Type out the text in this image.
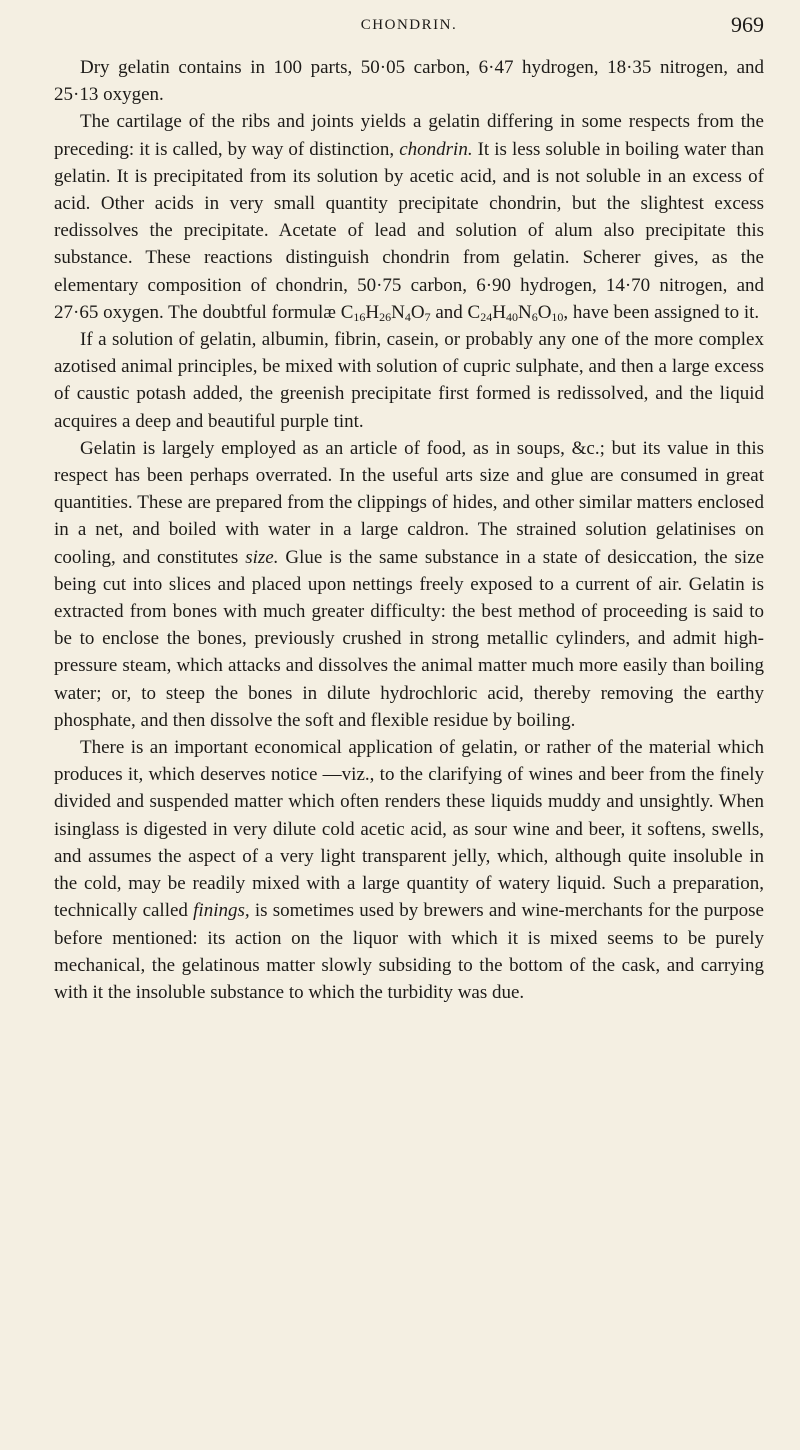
CHONDRIN.	969

Dry gelatin contains in 100 parts, 50·05 carbon, 6·47 hydrogen, 18·35 nitrogen, and 25·13 oxygen.

The cartilage of the ribs and joints yields a gelatin differing in some respects from the preceding: it is called, by way of distinction, chondrin. It is less soluble in boiling water than gelatin. It is precipitated from its solution by acetic acid, and is not soluble in an excess of acid. Other acids in very small quantity precipitate chondrin, but the slightest excess redissolves the precipitate. Acetate of lead and solution of alum also precipitate this substance. These reactions distinguish chondrin from gelatin. Scherer gives, as the elementary composition of chondrin, 50·75 carbon, 6·90 hydrogen, 14·70 nitrogen, and 27·65 oxygen. The doubtful formulæ $C_{16}H_{26}N_4O_7$ and $C_{24}H_{40}N_6O_{10}$, have been assigned to it.

If a solution of gelatin, albumin, fibrin, casein, or probably any one of the more complex azotised animal principles, be mixed with solution of cupric sulphate, and then a large excess of caustic potash added, the greenish precipitate first formed is redissolved, and the liquid acquires a deep and beautiful purple tint.

Gelatin is largely employed as an article of food, as in soups, &c.; but its value in this respect has been perhaps overrated. In the useful arts size and glue are consumed in great quantities. These are prepared from the clippings of hides, and other similar matters enclosed in a net, and boiled with water in a large caldron. The strained solution gelatinises on cooling, and constitutes size. Glue is the same substance in a state of desiccation, the size being cut into slices and placed upon nettings freely exposed to a current of air. Gelatin is extracted from bones with much greater difficulty: the best method of proceeding is said to be to enclose the bones, previously crushed in strong metallic cylinders, and admit high-pressure steam, which attacks and dissolves the animal matter much more easily than boiling water; or, to steep the bones in dilute hydrochloric acid, thereby removing the earthy phosphate, and then dissolve the soft and flexible residue by boiling.

There is an important economical application of gelatin, or rather of the material which produces it, which deserves notice —viz., to the clarifying of wines and beer from the finely divided and suspended matter which often renders these liquids muddy and unsightly. When isinglass is digested in very dilute cold acetic acid, as sour wine and beer, it softens, swells, and assumes the aspect of a very light transparent jelly, which, although quite insoluble in the cold, may be readily mixed with a large quantity of watery liquid. Such a preparation, technically called finings, is sometimes used by brewers and wine-merchants for the purpose before mentioned: its action on the liquor with which it is mixed seems to be purely mechanical, the gelatinous matter slowly subsiding to the bottom of the cask, and carrying with it the insoluble substance to which the turbidity was due.
